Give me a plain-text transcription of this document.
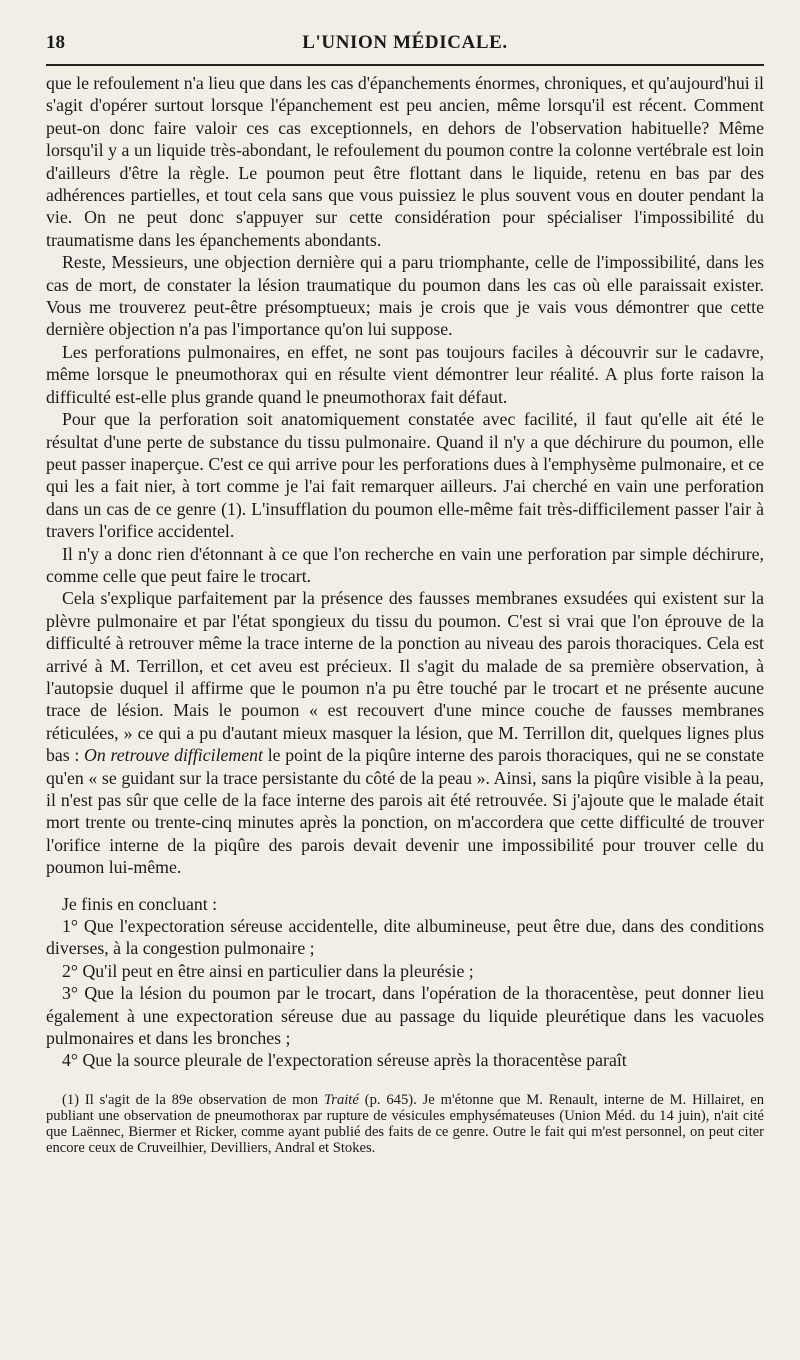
18	L'UNION MÉDICALE.

que le refoulement n'a lieu que dans les cas d'épanchements énormes, chroniques, et qu'aujourd'hui il s'agit d'opérer surtout lorsque l'épanchement est peu ancien, même lorsqu'il est récent. Comment peut-on donc faire valoir ces cas exceptionnels, en dehors de l'observation habituelle? Même lorsqu'il y a un liquide très-abondant, le refoulement du poumon contre la colonne vertébrale est loin d'ailleurs d'être la règle. Le poumon peut être flottant dans le liquide, retenu en bas par des adhérences partielles, et tout cela sans que vous puissiez le plus souvent vous en douter pendant la vie. On ne peut donc s'appuyer sur cette considération pour spécialiser l'impossibilité du traumatisme dans les épanchements abondants.

Reste, Messieurs, une objection dernière qui a paru triomphante, celle de l'impossibilité, dans les cas de mort, de constater la lésion traumatique du poumon dans les cas où elle paraissait exister. Vous me trouverez peut-être présomptueux; mais je crois que je vais vous démontrer que cette dernière objection n'a pas l'importance qu'on lui suppose.

Les perforations pulmonaires, en effet, ne sont pas toujours faciles à découvrir sur le cadavre, même lorsque le pneumothorax qui en résulte vient démontrer leur réalité. A plus forte raison la difficulté est-elle plus grande quand le pneumothorax fait défaut.

Pour que la perforation soit anatomiquement constatée avec facilité, il faut qu'elle ait été le résultat d'une perte de substance du tissu pulmonaire. Quand il n'y a que déchirure du poumon, elle peut passer inaperçue. C'est ce qui arrive pour les perforations dues à l'emphysème pulmonaire, et ce qui les a fait nier, à tort comme je l'ai fait remarquer ailleurs. J'ai cherché en vain une perforation dans un cas de ce genre (1). L'insufflation du poumon elle-même fait très-difficilement passer l'air à travers l'orifice accidentel.

Il n'y a donc rien d'étonnant à ce que l'on recherche en vain une perforation par simple déchirure, comme celle que peut faire le trocart.

Cela s'explique parfaitement par la présence des fausses membranes exsudées qui existent sur la plèvre pulmonaire et par l'état spongieux du tissu du poumon. C'est si vrai que l'on éprouve de la difficulté à retrouver même la trace interne de la ponction au niveau des parois thoraciques. Cela est arrivé à M. Terrillon, et cet aveu est précieux. Il s'agit du malade de sa première observation, à l'autopsie duquel il affirme que le poumon n'a pu être touché par le trocart et ne présente aucune trace de lésion. Mais le poumon « est recouvert d'une mince couche de fausses membranes réticulées, » ce qui a pu d'autant mieux masquer la lésion, que M. Terrillon dit, quelques lignes plus bas : On retrouve difficilement le point de la piqûre interne des parois thoraciques, qui ne se constate qu'en « se guidant sur la trace persistante du côté de la peau ». Ainsi, sans la piqûre visible à la peau, il n'est pas sûr que celle de la face interne des parois ait été retrouvée. Si j'ajoute que le malade était mort trente ou trente-cinq minutes après la ponction, on m'accordera que cette difficulté de trouver l'orifice interne de la piqûre des parois devait devenir une impossibilité pour trouver celle du poumon lui-même.

Je finis en concluant :

1° Que l'expectoration séreuse accidentelle, dite albumineuse, peut être due, dans des conditions diverses, à la congestion pulmonaire ;

2° Qu'il peut en être ainsi en particulier dans la pleurésie ;

3° Que la lésion du poumon par le trocart, dans l'opération de la thoracentèse, peut donner lieu également à une expectoration séreuse due au passage du liquide pleurétique dans les vacuoles pulmonaires et dans les bronches ;

4° Que la source pleurale de l'expectoration séreuse après la thoracentèse paraît

(1) Il s'agit de la 89e observation de mon Traité (p. 645). Je m'étonne que M. Renault, interne de M. Hillairet, en publiant une observation de pneumothorax par rupture de vésicules emphysémateuses (Union Méd. du 14 juin), n'ait cité que Laënnec, Biermer et Ricker, comme ayant publié des faits de ce genre. Outre le fait qui m'est personnel, on peut citer encore ceux de Cruveilhier, Devilliers, Andral et Stokes.
